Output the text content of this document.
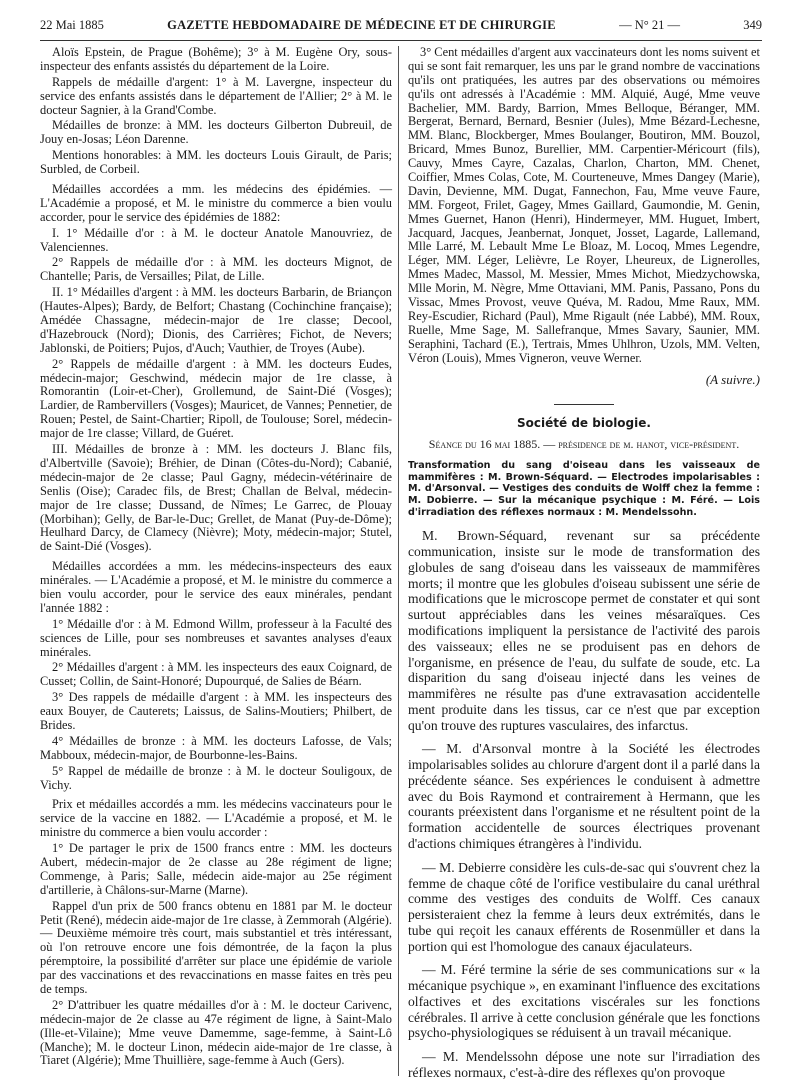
22 Mai 1885	GAZETTE HEBDOMADAIRE DE MÉDECINE ET DE CHIRURGIE	— N° 21 —	349

Aloïs Epstein, de Prague (Bohême); 3° à M. Eugène Ory, sous-inspecteur des enfants assistés du département de la Loire.

Rappels de médaille d'argent: 1° à M. Lavergne, inspecteur du service des enfants assistés dans le département de l'Allier; 2° à M. le docteur Sagnier, à la Grand'Combe.

Médailles de bronze: à MM. les docteurs Gilberton Dubreuil, de Jouy en-Josas; Léon Darenne.

Mentions honorables: à MM. les docteurs Louis Girault, de Paris; Surbled, de Corbeil.

Médailles accordées a mm. les médecins des épidémies. — L'Académie a proposé, et M. le ministre du commerce a bien voulu accorder, pour le service des épidémies de 1882:

I. 1° Médaille d'or : à M. le docteur Anatole Manouvriez, de Valenciennes.

2° Rappels de médaille d'or : à MM. les docteurs Mignot, de Chantelle; Paris, de Versailles; Pilat, de Lille.

II. 1° Médailles d'argent : à MM. les docteurs Barbarin, de Briançon (Hautes-Alpes); Bardy, de Belfort; Chastang (Cochinchine française); Amédée Chassagne, médecin-major de 1re classe; Decool, d'Hazebrouck (Nord); Dionis, des Carrières; Fichot, de Nevers; Jablonski, de Poitiers; Pujos, d'Auch; Vauthier, de Troyes (Aube).

2° Rappels de médaille d'argent : à MM. les docteurs Eudes, médecin-major; Geschwind, médecin major de 1re classe, à Romorantin (Loir-et-Cher), Grollemund, de Saint-Dié (Vosges); Lardier, de Rambervillers (Vosges); Mauricet, de Vannes; Pennetier, de Rouen; Pestel, de Saint-Chartier; Ripoll, de Toulouse; Sorel, médecin-major de 1re classe; Villard, de Guéret.

III. Médailles de bronze à : MM. les docteurs J. Blanc fils, d'Albertville (Savoie); Bréhier, de Dinan (Côtes-du-Nord); Cabanié, médecin-major de 2e classe; Paul Gagny, médecin-vétérinaire de Senlis (Oise); Caradec fils, de Brest; Challan de Belval, médecin-major de 1re classe; Dussand, de Nîmes; Le Garrec, de Plouay (Morbihan); Gelly, de Bar-le-Duc; Grellet, de Manat (Puy-de-Dôme); Heulhard Darcy, de Clamecy (Nièvre); Moty, médecin-major; Stutel, de Saint-Dié (Vosges).

Médailles accordées a mm. les médecins-inspecteurs des eaux minérales. — L'Académie a proposé, et M. le ministre du commerce a bien voulu accorder, pour le service des eaux minérales, pendant l'année 1882 :

1° Médaille d'or : à M. Edmond Willm, professeur à la Faculté des sciences de Lille, pour ses nombreuses et savantes analyses d'eaux minérales.

2° Médailles d'argent : à MM. les inspecteurs des eaux Coignard, de Cusset; Collin, de Saint-Honoré; Dupourqué, de Salies de Béarn.

3° Des rappels de médaille d'argent : à MM. les inspecteurs des eaux Bouyer, de Cauterets; Laissus, de Salins-Moutiers; Philbert, de Brides.

4° Médailles de bronze : à MM. les docteurs Lafosse, de Vals; Mabboux, médecin-major, de Bourbonne-les-Bains.

5° Rappel de médaille de bronze : à M. le docteur Souligoux, de Vichy.

Prix et médailles accordés a mm. les médecins vaccinateurs pour le service de la vaccine en 1882. — L'Académie a proposé, et M. le ministre du commerce a bien voulu accorder :

1° De partager le prix de 1500 francs entre : MM. les docteurs Aubert, médecin-major de 2e classe au 28e régiment de ligne; Commenge, à Paris; Salle, médecin aide-major au 25e régiment d'artillerie, à Châlons-sur-Marne (Marne).

Rappel d'un prix de 500 francs obtenu en 1881 par M. le docteur Petit (René), médecin aide-major de 1re classe, à Zemmorah (Algérie). — Deuxième mémoire très court, mais substantiel et très intéressant, où l'on retrouve encore une fois démontrée, de la façon la plus péremptoire, la possibilité d'arrêter sur place une épidémie de variole par des vaccinations et des revaccinations en masse faites en très peu de temps.

2° D'attribuer les quatre médailles d'or à : M. le docteur Carivenc, médecin-major de 2e classe au 47e régiment de ligne, à Saint-Malo (Ille-et-Vilaine); Mme veuve Damemme, sage-femme, à Saint-Lô (Manche); M. le docteur Linon, médecin aide-major de 1re classe, à Tiaret (Algérie); Mme Thuillière, sage-femme à Auch (Gers).

3° Cent médailles d'argent aux vaccinateurs dont les noms suivent et qui se sont fait remarquer, les uns par le grand nombre de vaccinations qu'ils ont pratiquées, les autres par des observations ou mémoires qu'ils ont adressés à l'Académie : MM. Alquié, Augé, Mme veuve Bachelier, MM. Bardy, Barrion, Mmes Belloque, Béranger, MM. Bergerat, Bernard, Bernard, Besnier (Jules), Mme Bézard-Lechesne, MM. Blanc, Blockberger, Mmes Boulanger, Boutiron, MM. Bouzol, Bricard, Mmes Bunoz, Burellier, MM. Carpentier-Méricourt (fils), Cauvy, Mmes Cayre, Cazalas, Charlon, Charton, MM. Chenet, Coiffier, Mmes Colas, Cote, M. Courteneuve, Mmes Dangey (Marie), Davin, Devienne, MM. Dugat, Fannechon, Fau, Mme veuve Faure, MM. Forgeot, Frilet, Gagey, Mmes Gaillard, Gaumondie, M. Genin, Mmes Guernet, Hanon (Henri), Hindermeyer, MM. Huguet, Imbert, Jacquard, Jacques, Jeanbernat, Jonquet, Josset, Lagarde, Lallemand, Mlle Larré, M. Lebault Mme Le Bloaz, M. Locoq, Mmes Legendre, Léger, MM. Léger, Lelièvre, Le Royer, Lheureux, de Lignerolles, Mmes Madec, Massol, M. Messier, Mmes Michot, Miedzychowska, Mlle Morin, M. Nègre, Mme Ottaviani, MM. Panis, Passano, Pons du Vissac, Mmes Provost, veuve Quéva, M. Radou, Mme Raux, MM. Rey-Escudier, Richard (Paul), Mme Rigault (née Labbé), MM. Roux, Ruelle, Mme Sage, M. Sallefranque, Mmes Savary, Saunier, MM. Seraphini, Tachard (E.), Tertrais, Mmes Uhlhron, Uzols, MM. Velten, Véron (Louis), Mmes Vigneron, veuve Werner.

(A suivre.)
Société de biologie.
Séance du 16 mai 1885. — présidence de m. hanot, vice-président.
Transformation du sang d'oiseau dans les vaisseaux de mammifères : M. Brown-Séquard. — Electrodes impolarisables : M. d'Arsonval. — Vestiges des conduits de Wolff chez la femme : M. Dobierre. — Sur la mécanique psychique : M. Féré. — Lois d'irradiation des réflexes normaux : M. Mendelssohn.

M. Brown-Séquard, revenant sur sa précédente communication, insiste sur le mode de transformation des globules de sang d'oiseau dans les vaisseaux de mammifères morts; il montre que les globules d'oiseau subissent une série de modifications que le microscope permet de constater et qui sont surtout appréciables dans les veines mésaraïques. Ces modifications impliquent la persistance de l'activité des parois des vaisseaux; elles ne se produisent pas en dehors de l'organisme, en présence de l'eau, du sulfate de soude, etc. La disparition du sang d'oiseau injecté dans les veines de mammifères ne résulte pas d'une extravasation accidentelle ment produite dans les tissus, car ce n'est que par exception qu'on trouve des ruptures vasculaires, des infarctus.

— M. d'Arsonval montre à la Société les électrodes impolarisables solides au chlorure d'argent dont il a parlé dans la précédente séance. Ses expériences le conduisent à admettre avec du Bois Raymond et contrairement à Hermann, que les courants préexistent dans l'organisme et ne résultent point de la formation accidentelle de sources électriques provenant d'actions chimiques étrangères à l'individu.

— M. Debierre considère les culs-de-sac qui s'ouvrent chez la femme de chaque côté de l'orifice vestibulaire du canal uréthral comme des vestiges des conduits de Wolff. Ces canaux persisteraient chez la femme à leurs deux extrémités, dans le tube qui reçoit les canaux efférents de Rosenmüller et dans la portion qui est l'homologue des canaux éjaculateurs.

— M. Féré termine la série de ses communications sur « la mécanique psychique », en examinant l'influence des excitations olfactives et des excitations viscérales sur les fonctions cérébrales. Il arrive à cette conclusion générale que les fonctions psycho-physiologiques se réduisent à un travail mécanique.

— M. Mendelssohn dépose une note sur l'irradiation des réflexes normaux, c'est-à-dire des réflexes qu'on provoque
